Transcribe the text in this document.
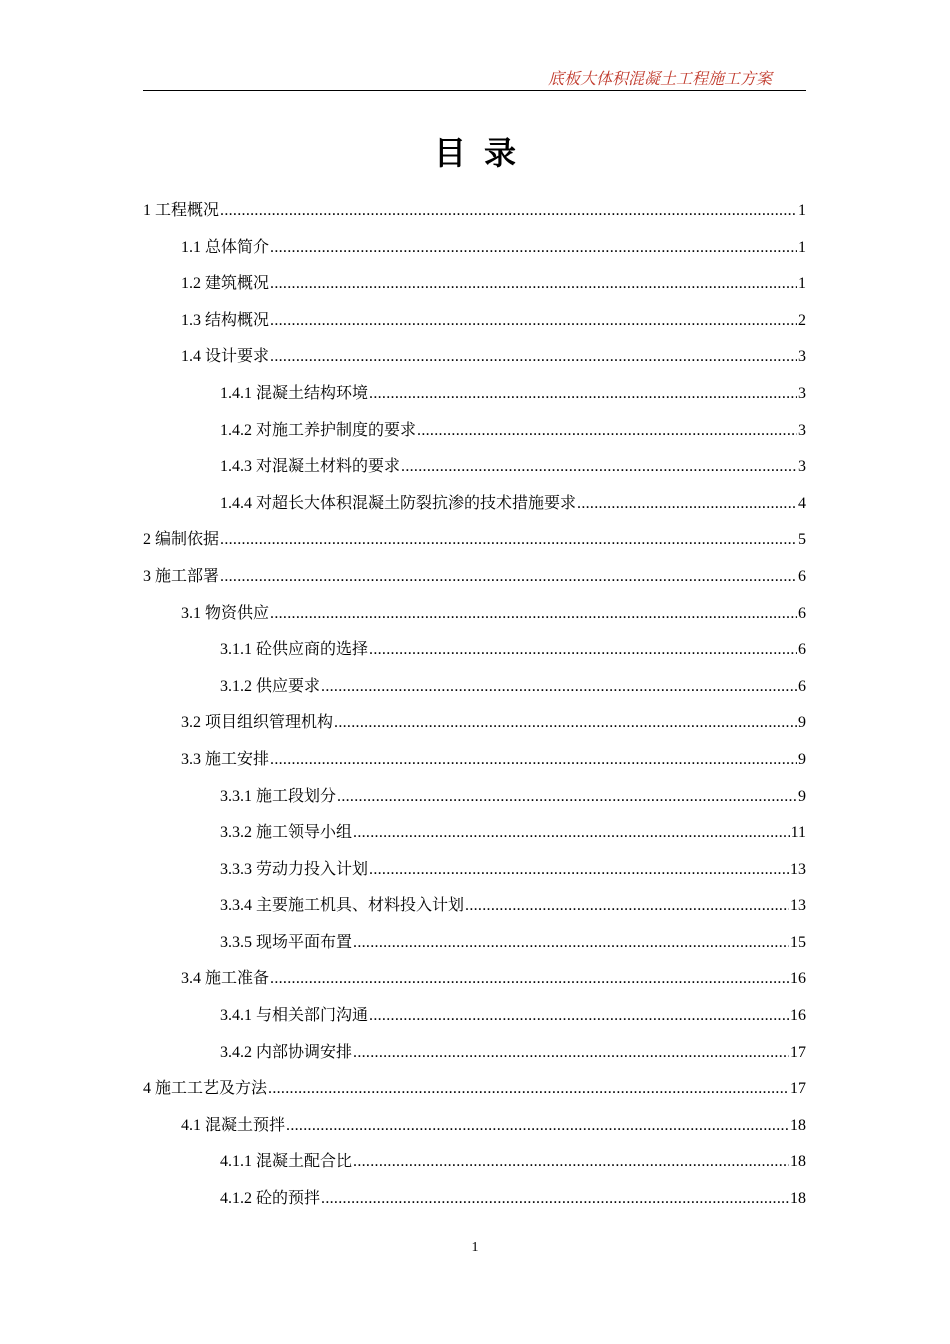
底板大体积混凝土工程施工方案
目录
1 工程概况 .....	1
1.1 总体简介 .....	1
1.2 建筑概况 .....	1
1.3 结构概况 .....	2
1.4 设计要求 .....	3
1.4.1 混凝土结构环境 .....	3
1.4.2 对施工养护制度的要求 .....	3
1.4.3 对混凝土材料的要求 .....	3
1.4.4 对超长大体积混凝土防裂抗渗的技术措施要求 .....	4
2 编制依据 .....	5
3 施工部署 .....	6
3.1 物资供应 .....	6
3.1.1 砼供应商的选择 .....	6
3.1.2 供应要求 .....	6
3.2 项目组织管理机构 .....	9
3.3 施工安排 .....	9
3.3.1 施工段划分 .....	9
3.3.2 施工领导小组 .....	11
3.3.3 劳动力投入计划 .....	13
3.3.4 主要施工机具、材料投入计划 .....	13
3.3.5 现场平面布置 .....	15
3.4 施工准备 .....	16
3.4.1 与相关部门沟通 .....	16
3.4.2 内部协调安排 .....	17
4 施工工艺及方法 .....	17
4.1 混凝土预拌 .....	18
4.1.1 混凝土配合比 .....	18
4.1.2 砼的预拌 .....	18
1
